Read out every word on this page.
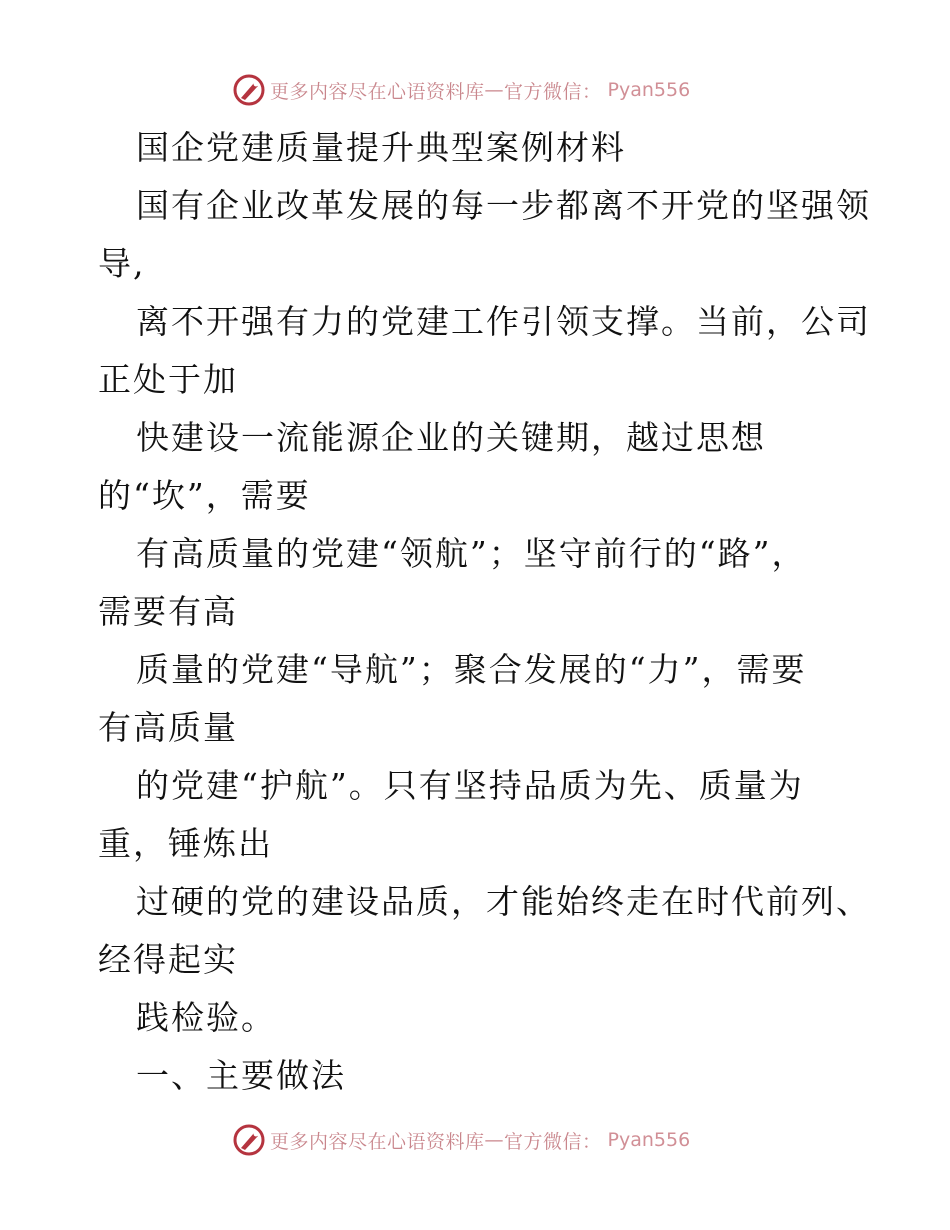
更多内容尽在心语资料库 — 官方微信： Pyan556
国企党建质量提升典型案例材料
国有企业改革发展的每一步都离不开党的坚强领
导,
离不开强有力的党建工作引领支撑。当前，公司
正处于加
快建设一流能源企业的关键期，越过思想
的“坎”，需要
有高质量的党建“领航”；坚守前行的“路”，
需要有高
质量的党建“导航”；聚合发展的“力”，需要
有高质量
的党建“护航”。只有坚持品质为先、质量为
重，锤炼出
过硬的党的建设品质，才能始终走在时代前列、
经得起实
践检验。
一、主要做法
更多内容尽在心语资料库 — 官方微信： Pyan556
